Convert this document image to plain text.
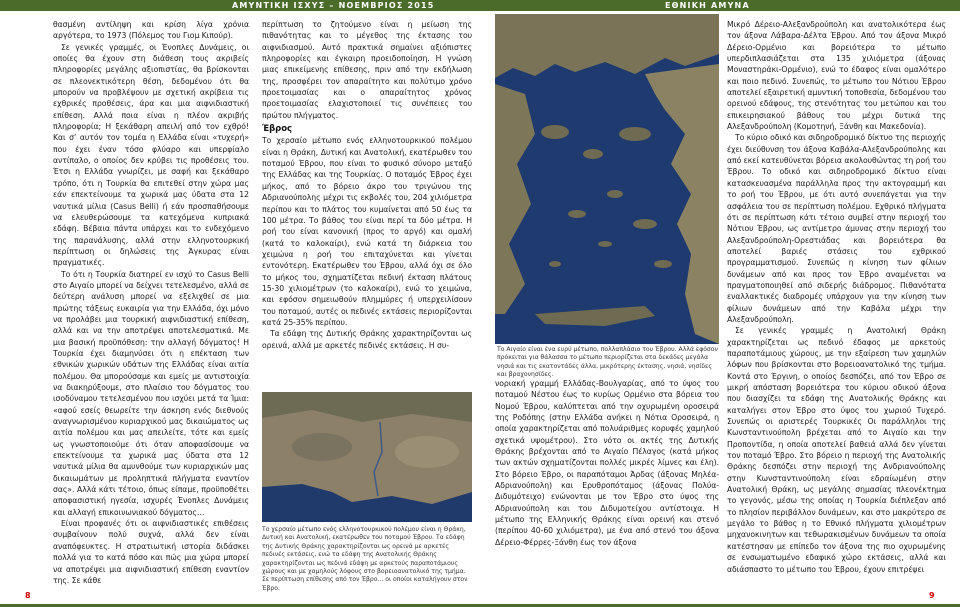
ΑΜΥΝΤΙΚΗ ΙΣΧΥΣ – ΝΟΕΜΒΡΙΟΣ 2015	ΕΘΝΙΚΗ ΑΜΥΝΑ

θασμένη αντίληψη και κρίση λίγα χρόνια αργότερα, το 1973 (Πόλεμος του Γιομ Κιπούρ).

Σε γενικές γραμμές, οι Ένοπλες Δυνάμεις, οι οποίες θα έχουν στη διάθεση τους ακριβείς πληροφορίες μεγάλης αξιοπιστίας, θα βρίσκονται σε πλεονεκτικότερη θέση, δεδομένου ότι θα μπορούν να προβλέψουν με σχετική ακρίβεια τις εχθρικές προθέσεις, άρα και μια αιφνιδιαστική επίθεση. Αλλά ποια είναι η πλέον ακριβής πληροφορία; Η ξεκάθαρη απειλή από τον εχθρό! Και σ’ αυτόν τον τομέα η Ελλάδα είναι «τυχερή» που έχει έναν τόσο φλύαρο και υπερφίαλο αντίπαλο, ο οποίος δεν κρύβει τις προθέσεις του. Έτσι η Ελλάδα γνωρίζει, με σαφή και ξεκάθαρο τρόπο, ότι η Τουρκία θα επιτεθεί στην χώρα μας εάν επεκτείνουμε τα χωρικά μας ύδατα στα 12 ναυτικά μίλια (Casus Belli) ή εάν προσπαθήσουμε να ελευθερώσουμε τα κατεχόμενα κυπριακά εδάφη. Βέβαια πάντα υπάρχει και το ενδεχόμενο της παρανάλυσης, αλλά στην ελληνοτουρκική περίπτωση οι δηλώσεις της Άγκυρας είναι πραγματικές.

Το ότι η Τουρκία διατηρεί εν ισχύ το Casus Belli στο Αιγαίο μπορεί να δείχνει τετελεσμένο, αλλά σε δεύτερη ανάλυση μπορεί να εξελιχθεί σε μια πρώτης τάξεως ευκαιρία για την Ελλάδα, όχι μόνο να προλάβει μια τουρκική αιφνιδιαστική επίθεση, αλλά και να την αποτρέψει αποτελεσματικά. Με μια βασική προϋπόθεση: την αλλαγή δόγματος! Η Τουρκία έχει διαμηνύσει ότι η επέκταση των εθνικών χωρικών υδάτων της Ελλάδας είναι αιτία πολέμου. Θα μπορούσαμε και εμείς με αντιστοιχία να διακηρύξουμε, στο πλαίσιο του δόγματος του ισοδύναμου τετελεσμένου που ισχύει μετά τα Ίμια: «αφού εσείς θεωρείτε την άσκηση ενός διεθνούς αναγνωρισμένου κυριαρχικού μας δικαιώματος ως αιτία πολέμου και μας απειλείτε, τότε και εμείς ως γνωστοποιούμε ότι όταν αποφασίσουμε να επεκτείνουμε τα χωρικά μας ύδατα στα 12 ναυτικά μίλια θα αμυνθούμε των κυριαρχικών μας δικαιωμάτων με προληπτικά πλήγματα εναντίον σας». Αλλά κάτι τέτοιο, όπως είπαμε, προϋποθέτει αποφασιστική ηγεσία, ισχυρές Ένοπλες Δυνάμεις και αλλαγή επικοινωνιακού δόγματος…

Είναι προφανές ότι οι αιφνιδιαστικές επιθέσεις συμβαίνουν πολύ συχνά, αλλά δεν είναι αναπόφευκτες. Η στρατιωτική ιστορία διδάσκει πολλά για το κατά πόσο και πώς μια χώρα μπορεί να αποτρέψει μια αιφνιδιαστική επίθεση εναντίον της. Σε κάθε

περίπτωση το ζητούμενο είναι η μείωση της πιθανότητας και το μέγεθος της έκτασης του αιφνιδιασμού. Αυτό πρακτικά σημαίνει αξιόπιστες πληροφορίες και έγκαιρη προειδοποίηση. Η γνώση μιας επικείμενης επίθεσης, πριν από την εκδήλωση της, προσφέρει τον απαραίτητο και πολύτιμο χρόνο προετοιμασίας και ο απαραίτητος χρόνος προετοιμασίας ελαχιστοποιεί τις συνέπειες του πρώτου πλήγματος.

Έβρος

Το χερσαίο μέτωπο ενός ελληνοτουρκικού πολέμου είναι η Θράκη, Δυτική και Ανατολική, εκατέρωθεν του ποταμού Έβρου, που είναι το φυσικό σύνορο μεταξύ της Ελλάδας και της Τουρκίας. Ο ποταμός Έβρος έχει μήκος, από το βόρειο άκρο του τριγώνου της Αδριανούπολης μέχρι τις εκβολές του, 204 χιλιόμετρα περίπου και το πλάτος του κυμαίνεται από 50 έως τα 100 μέτρα. Το βάθος του είναι περί τα δύο μέτρα. Η ροή του είναι κανονική (προς το αργό) και ομαλή (κατά το καλοκαίρι), ενώ κατά τη διάρκεια του χειμώνα η ροή του επιταχύνεται και γίνεται εντονότερη. Εκατέρωθεν του Έβρου, αλλά όχι σε όλο το μήκος του, σχηματίζεται πεδινή έκταση πλάτους 15-30 χιλιομέτρων (το καλοκαίρι), ενώ το χειμώνα, και εφόσον σημειωθούν πλημμύρες ή υπερχειλίσουν του ποταμού, αυτές οι πεδινές εκτάσεις περιορίζονται κατά 25-35% περίπου.

Τα εδάφη της Δυτικής Θράκης χαρακτηρίζονται ως ορεινά, αλλά με αρκετές πεδινές εκτάσεις. Η συ-	Το Αιγαίο είναι ένα ευρύ μέτωπο, πολλαπλάσιο του Έβρου. Αλλά εφόσον πρόκειται για θάλασσα το μέτωπο περιορίζεται στα δεκάδες μεγάλα νησιά και τις εκατοντάδες άλλα, μικρότερης έκτασης, νησιά, νησίδες και βραχονησίδες.
Το χερσαίο μέτωπο ενός ελληνοτουρκικού πολέμου είναι η Θράκη, Δυτική και Ανατολική, εκατέρωθεν του ποταμού Έβρου. Τα εδάφη της Δυτικής Θράκης χαρακτηρίζονται ως ορεινά με αρκετές πεδινές εκτάσεις, ενώ τα εδάφη της Ανατολικής Θράκης χαρακτηρίζονται ως πεδινά εδάφη με αρκετούς παραποτάμιους χώρους και με χαμηλούς λόφους στο βορειοανατολικό της τμήμα. Σε περίπτωση επίθεσης από τον Έβρο... οι οποίοι καταλήγουν στον Έβρο.

νοριακή γραμμή Ελλάδας-Βουλγαρίας, από το ύψος του ποταμού Νέστου έως το κυρίως Ορμένιο στα βόρεια του Νομού Έβρου, καλύπτεται από την οχυρωμένη οροσειρά της Ροδόπης (στην Ελλάδα ανήκει η Νότια Οροσειρά, η οποία χαρακτηρίζεται από πολυάριθμες κορυφές χαμηλού σχετικά υψομέτρου). Στο νότο οι ακτές της Δυτικής Θράκης βρέχονται από το Αιγαίο Πέλαγος (κατά μήκος των ακτών σχηματίζονται πολλές μικρές λίμνες και έλη). Στο βόρειο Έβρο, οι παραπόταμοι Άρδας (άξονας Μηλέα-Αδριανούπολη) και Ερυθροπόταμος (άξονας Πολύα-Διδυμότειχο) ενώνονται με τον Έβρο στο ύψος της Αδριανούπολη και του Διδυμοτείχου αντίστοιχα. Η μέτωπο της Ελληνικής Θράκης είναι ορεινή και στενό (περίπου 40-60 χιλιόμετρα), με ένα από στενό του άξονα Δέρειο-Φέρρες-Ξάνθη έως τον άξονα

Μικρό Δέρειο-Αλεξανδρούπολη και ανατολικότερα έως τον άξονα Λάβαρα-Δέλτα Έβρου. Από τον άξονα Μικρό Δέρειο-Ορμένιο και βορειότερα το μέτωπο υπερδιπλασιάζεται στα 135 χιλιόμετρα (άξονας Μοναστηράκι-Ορμένιο), ενώ το έδαφος είναι ομαλότερο και ποιο πεδινό. Συνεπώς, το μέτωπο του Νότιου Έβρου αποτελεί εξαιρετική αμυντική τοποθεσία, δεδομένου του ορεινού εδάφους, της στενότητας του μετώπου και του επικειρησιακού βάθους του μέχρι δυτικά της Αλεξανδρούπολη (Κομοτηνή, Ξάνθη και Μακεδονία).

Το κύριο οδικό και σιδηροδρομικό δίκτυο της περιοχής έχει διεύθυνση τον άξονα Καβάλα-Αλεξανδρούπολης και από εκεί κατευθύνεται βόρεια ακολουθώντας τη ροή του Έβρου. Το οδικό και σιδηροδρομικό δίκτυο είναι κατασκευασμένα παράλληλα προς την ακτογραμμή και το ροή του Έβρου, με ότι αυτό συνεπάγεται για την ασφάλεια του σε περίπτωση πολέμου. Εχθρικό πλήγματα ότι σε περίπτωση κάτι τέτοιο συμβεί στην περιοχή του Νότιου Έβρου, ως αντίμετρο άμυνας στην περιοχή του Αλεξανδρούπολη-Ορεστιάδας και βορειότερα θα αποτελεί βαριές στάσεις του εχθρικού προγραμματισμού. Συνεπώς η κίνηση των φίλιων δυνάμεων από και προς τον Έβρο αναμένεται να πραγματοποιηθεί από σιδερής διάδρομος. Πιθανότατα εναλλακτικές διαδρομές υπάρχουν για την κίνηση των φίλιων δυνάμεων από την Καβάλα μέχρι την Αλεξανδρούπολη.

Σε γενικές γραμμές η Ανατολική Θράκη χαρακτηρίζεται ως πεδινό έδαφος με αρκετούς παραποτάμιους χώρους, με την εξαίρεση των χαμηλών λόφων που βρίσκονται στο βορειοανατολικό της τμήμα. Κοντά στο Έργινη, ο οποίος δεσπόζει, από τον Έβρο σε μικρή απόσταση βορειότερα του κύριου οδικού άξονα που διασχίζει τα εδάφη της Ανατολικής Θράκης και καταλήγει στον Έβρο στο ύψος του χωριού Τυχερό. Συνεπώς οι αριστερές Τουρκικές Οι παράλληλοι της Κωνσταντινούπολη βρέχεται από το Αιγαίο και την Προποντίδα, η οποία αποτελεί βαθειά αλλά δεν γίνεται τον ποταμό Έβρο. Στο βόρειο η περιοχή της Ανατολικής Θράκης δεσπόζει στην περιοχή της Ανδριανούπολης στην Κωνσταντινούπολη είναι εδραίωμένη στην Ανατολική Θράκη, ως μεγάλης σημασίας πλεονέκτημα το γεγονός, μέσω της οποίας η Τουρκία διέπλεξαν από το πλησίον περιβάλλον δυνάμεων, και στο μακρύτερο σε μεγάλο το βάθος η το Εθνικό πλήγματα χιλιομέτρων μηχανοκινητων και τεθωρακισμένων δυνάμεων τα οποία κατέστησαν με επίπεδο τον άξονα της πιο οχυρωμένης σε ενσωματωμένο εδαφικό χώρο εκτάσεις, αλλά και αδιάσπαστο το μέτωπο του Έβρου, έχουν επιτρέψει

8	9
